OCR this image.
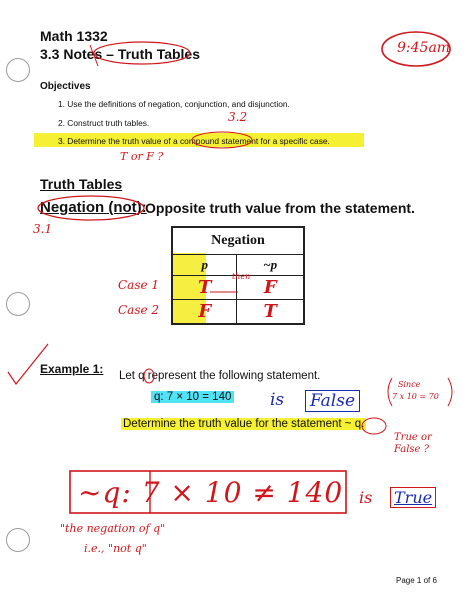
Math 1332
3.3 Notes – Truth Tables	9:45am
Objectives
1. Use the definitions of negation, conjunction, and disjunction.
2. Construct truth tables.
3. Determine the truth value of a compound statement for a specific case.
3.2
T or F ?
Truth Tables
Negation (not):
Opposite truth value from the statement.
3.1
Negation	
p	~p
T	F
F	T
Case 1
Case 2
then
Example 1: Let q represent the following statement.
q: 7 × 10 = 140 is False
Since
7 x 10 = 70
Determine the truth value for the statement ~ q.
True or False ?
~q: 7 × 10 ≠ 140 is True
"the negation of q"
i.e., "not q"
Page 1 of 6
